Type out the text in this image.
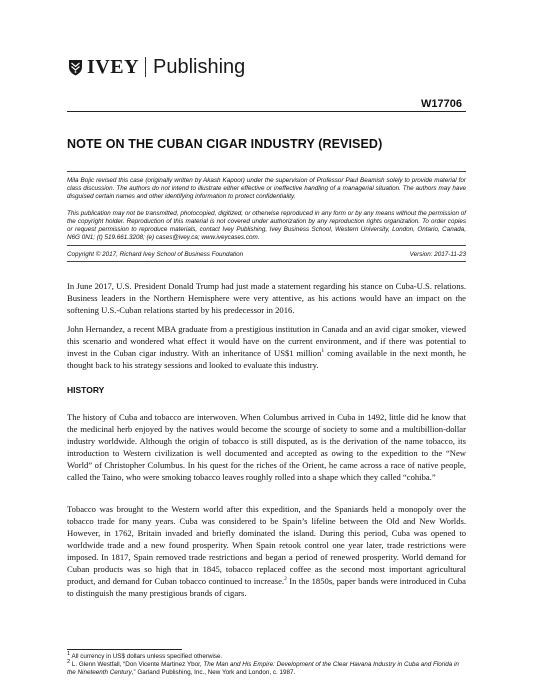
IVEY Publishing
W17706
NOTE ON THE CUBAN CIGAR INDUSTRY (REVISED)

Mila Bojic revised this case (originally written by Akash Kapoor) under the supervision of Professor Paul Beamish solely to provide material for class discussion. The authors do not intend to illustrate either effective or ineffective handling of a managerial situation. The authors may have disguised certain names and other identifying information to protect confidentiality.

This publication may not be transmitted, photocopied, digitized, or otherwise reproduced in any form or by any means without the permission of the copyright holder. Reproduction of this material is not covered under authorization by any reproduction rights organization. To order copies or request permission to reproduce materials, contact Ivey Publishing, Ivey Business School, Western University, London, Ontario, Canada, N6G 0N1; (t) 519.661.3208; (e) cases@ivey.ca; www.iveycases.com.

Copyright © 2017, Richard Ivey School of Business Foundation	Version: 2017-11-23

In June 2017, U.S. President Donald Trump had just made a statement regarding his stance on Cuba-U.S. relations. Business leaders in the Northern Hemisphere were very attentive, as his actions would have an impact on the softening U.S.-Cuban relations started by his predecessor in 2016.

John Hernandez, a recent MBA graduate from a prestigious institution in Canada and an avid cigar smoker, viewed this scenario and wondered what effect it would have on the current environment, and if there was potential to invest in the Cuban cigar industry. With an inheritance of US$1 million$^1$ coming available in the next month, he thought back to his strategy sessions and looked to evaluate this industry.

HISTORY

The history of Cuba and tobacco are interwoven. When Columbus arrived in Cuba in 1492, little did he know that the medicinal herb enjoyed by the natives would become the scourge of society to some and a multibillion-dollar industry worldwide. Although the origin of tobacco is still disputed, as is the derivation of the name tobacco, its introduction to Western civilization is well documented and accepted as owing to the expedition to the “New World” of Christopher Columbus. In his quest for the riches of the Orient, he came across a race of native people, called the Taino, who were smoking tobacco leaves roughly rolled into a shape which they called “cohiba.”

Tobacco was brought to the Western world after this expedition, and the Spaniards held a monopoly over the tobacco trade for many years. Cuba was considered to be Spain’s lifeline between the Old and New Worlds. However, in 1762, Britain invaded and briefly dominated the island. During this period, Cuba was opened to worldwide trade and a new found prosperity. When Spain retook control one year later, trade restrictions were imposed. In 1817, Spain removed trade restrictions and began a period of renewed prosperity. World demand for Cuban products was so high that in 1845, tobacco replaced coffee as the second most important agricultural product, and demand for Cuban tobacco continued to increase.$^2$ In the 1850s, paper bands were introduced in Cuba to distinguish the many prestigious brands of cigars.

$^1$ All currency in US$ dollars unless specified otherwise.

$^2$ L. Glenn Westfall, “Don Vicente Martinez Ybor, The Man and His Empire: Development of the Clear Havana Industry in Cuba and Florida in the Nineteenth Century,” Garland Publishing, Inc., New York and London, c. 1987.
